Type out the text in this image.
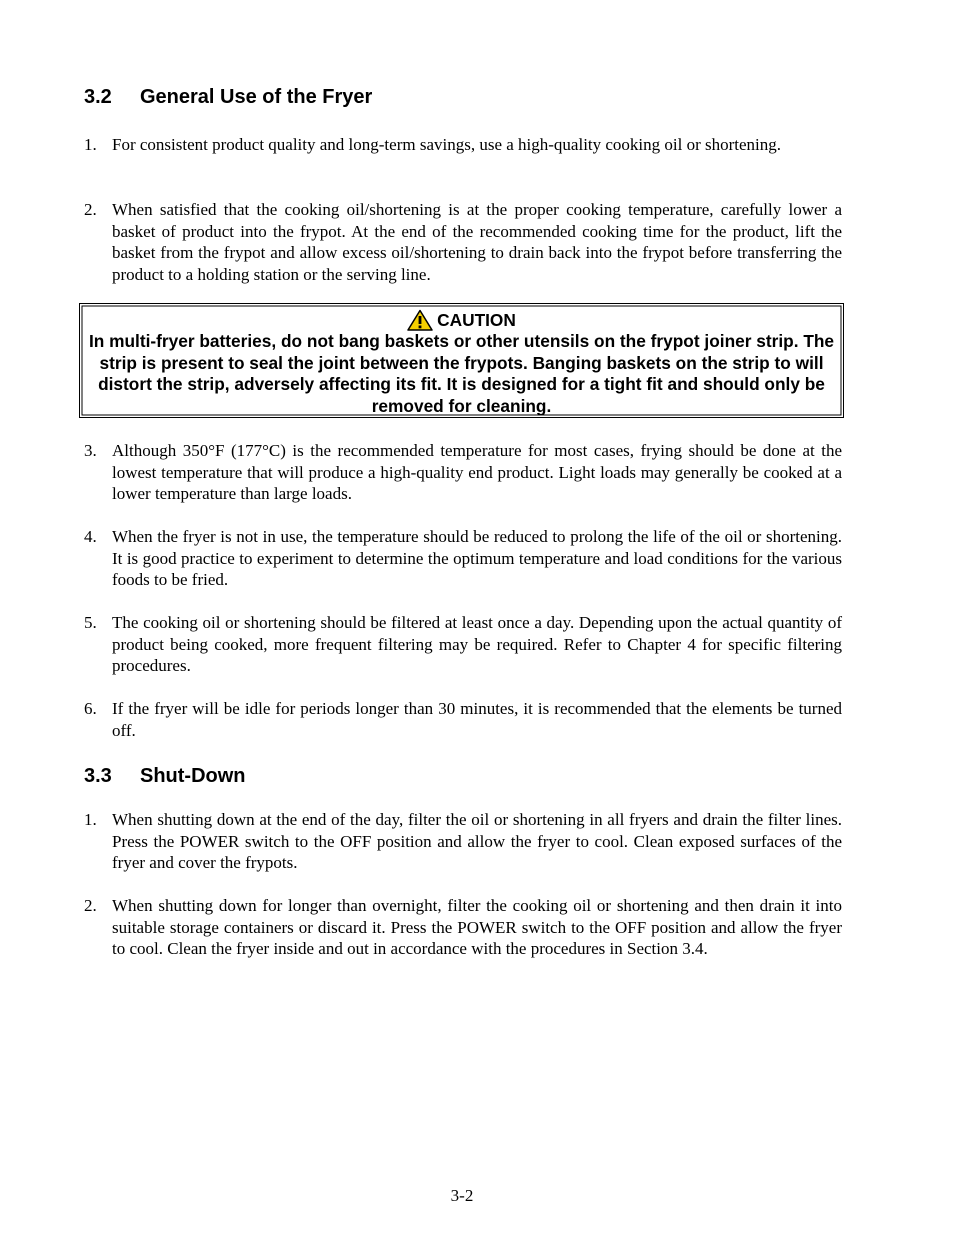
3.2 General Use of the Fryer
1. For consistent product quality and long-term savings, use a high-quality cooking oil or shortening.
2. When satisfied that the cooking oil/shortening is at the proper cooking temperature, carefully lower a basket of product into the frypot. At the end of the recommended cooking time for the product, lift the basket from the frypot and allow excess oil/shortening to drain back into the frypot before transferring the product to a holding station or the serving line.
CAUTION
In multi-fryer batteries, do not bang baskets or other utensils on the frypot joiner strip. The strip is present to seal the joint between the frypots. Banging baskets on the strip to will distort the strip, adversely affecting its fit. It is designed for a tight fit and should only be removed for cleaning.
3. Although 350°F (177°C) is the recommended temperature for most cases, frying should be done at the lowest temperature that will produce a high-quality end product. Light loads may generally be cooked at a lower temperature than large loads.
4. When the fryer is not in use, the temperature should be reduced to prolong the life of the oil or shortening. It is good practice to experiment to determine the optimum temperature and load conditions for the various foods to be fried.
5. The cooking oil or shortening should be filtered at least once a day. Depending upon the actual quantity of product being cooked, more frequent filtering may be required. Refer to Chapter 4 for specific filtering procedures.
6. If the fryer will be idle for periods longer than 30 minutes, it is recommended that the elements be turned off.
3.3 Shut-Down
1. When shutting down at the end of the day, filter the oil or shortening in all fryers and drain the filter lines. Press the POWER switch to the OFF position and allow the fryer to cool. Clean exposed surfaces of the fryer and cover the frypots.
2. When shutting down for longer than overnight, filter the cooking oil or shortening and then drain it into suitable storage containers or discard it. Press the POWER switch to the OFF position and allow the fryer to cool. Clean the fryer inside and out in accordance with the procedures in Section 3.4.
3-2
